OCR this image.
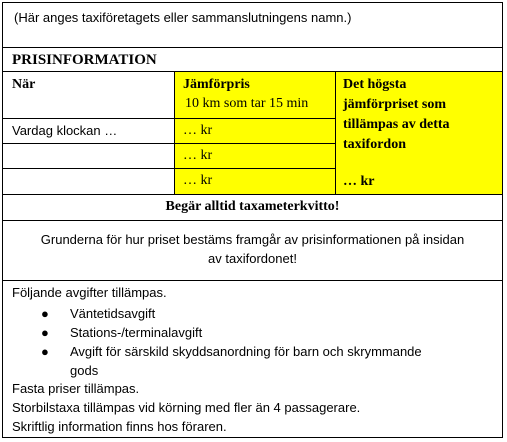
(Här anges taxiföretagets eller sammanslutningens namn.)
PRISINFORMATION
När	Jämförpris
10 km som tar 15 min
Det högsta
jämförpriset som
tillämpas av detta
taxifordon
… kr
Vardag klockan …	… kr
… kr
… kr
Begär alltid taxameterkvitto!
Grunderna för hur priset bestäms framgår av prisinformationen på insidan
av taxifordonet!
Följande avgifter tillämpas.
● Väntetidsavgift
● Stations-/terminalavgift
● Avgift för särskild skyddsanordning för barn och skrymmande
gods
Fasta priser tillämpas.
Storbilstaxa tillämpas vid körning med fler än 4 passagerare.
Skriftlig information finns hos föraren.
